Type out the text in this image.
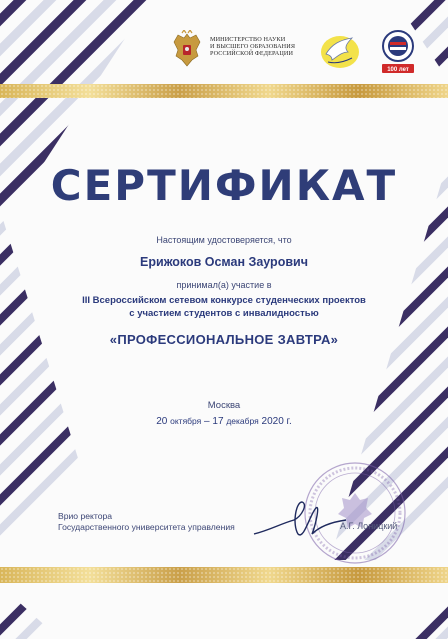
МИНИСТЕРСТВО НАУКИ
И ВЫСШЕГО ОБРАЗОВАНИЯ
РОССИЙСКОЙ ФЕДЕРАЦИИ
100 лет
СЕРТИФИКАТ
Настоящим удостоверяется, что
Ерижоков Осман Заурович
принимал(а) участие в
III Всероссийском сетевом конкурсе студенческих проектов
с участием студентов с инвалидностью
«ПРОФЕССИОНАЛЬНОЕ ЗАВТРА»
Москва
20 октября – 17 декабря 2020 г.
Врио ректора
Государственного университета управления	А.Г. Лоницкий
